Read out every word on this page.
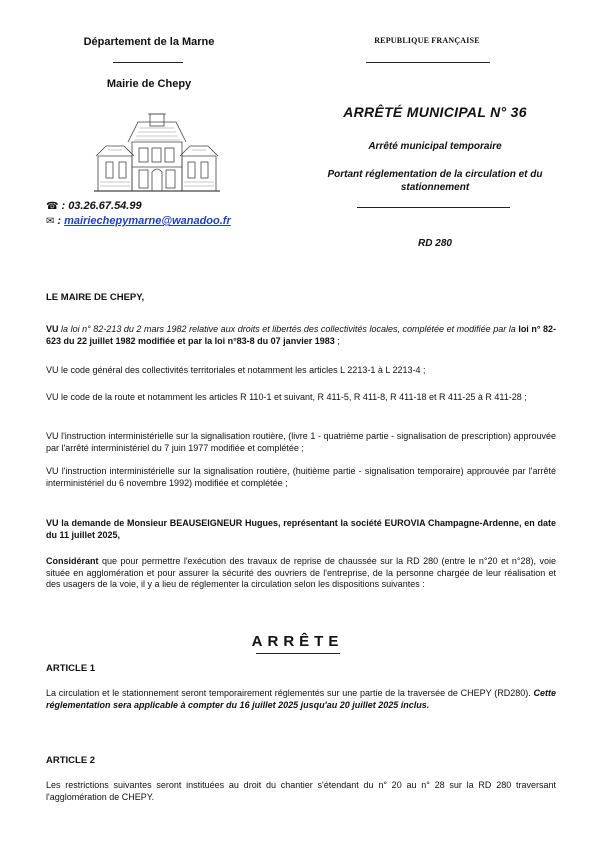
Département de la Marne	REPUBLIQUE FRANÇAISE
Mairie de Chepy
☎ : 03.26.67.54.99
✉ : mairiechepymarne@wanadoo.fr
ARRÊTÉ MUNICIPAL N° 36
Arrêté municipal temporaire
Portant réglementation de la circulation et du stationnement
RD 280
LE MAIRE DE CHEPY,
VU la loi n° 82-213 du 2 mars 1982 relative aux droits et libertés des collectivités locales, complétée et modifiée par la loi n° 82-623 du 22 juillet 1982 modifiée et par la loi n°83-8 du 07 janvier 1983 ;
VU le code général des collectivités territoriales et notamment les articles L 2213-1 à L 2213-4 ;
VU le code de la route et notamment les articles R 110-1 et suivant, R 411-5, R 411-8, R 411-18 et R 411-25 à R 411-28 ;
VU l'instruction interministérielle sur la signalisation routière, (livre 1 - quatrième partie - signalisation de prescription) approuvée par l'arrêté interministériel du 7 juin 1977 modifiée et complétée ;
VU l'instruction interministérielle sur la signalisation routière, (huitième partie - signalisation temporaire) approuvée par l'arrêté interministériel du 6 novembre 1992) modifiée et complétée ;
VU la demande de Monsieur BEAUSEIGNEUR Hugues, représentant la société EUROVIA Champagne-Ardenne, en date du 11 juillet 2025,
Considérant que pour permettre l'exécution des travaux de reprise de chaussée sur la RD 280 (entre le n°20 et n°28), voie située en agglomération et pour assurer la sécurité des ouvriers de l'entreprise, de la personne chargée de leur réalisation et des usagers de la voie, il y a lieu de réglementer la circulation selon les dispositions suivantes :
ARRÊTE
ARTICLE 1
La circulation et le stationnement seront temporairement réglementés sur une partie de la traversée de CHEPY (RD280). Cette réglementation sera applicable à compter du 16 juillet 2025 jusqu'au 20 juillet 2025 inclus.
ARTICLE 2
Les restrictions suivantes seront instituées au droit du chantier s'étendant du n° 20 au n° 28 sur la RD 280 traversant l'agglomération de CHEPY.
